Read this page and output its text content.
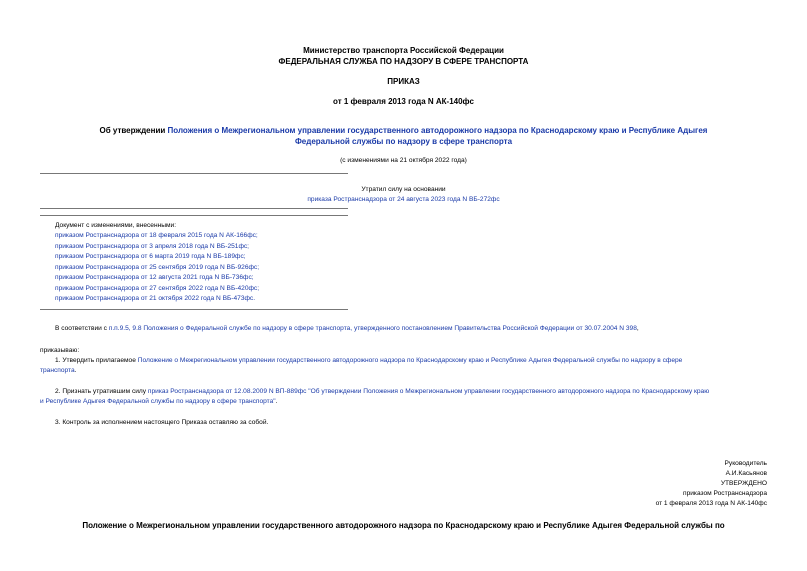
Министерство транспорта Российской Федерации
ФЕДЕРАЛЬНАЯ СЛУЖБА ПО НАДЗОРУ В СФЕРЕ ТРАНСПОРТА
ПРИКАЗ
от 1 февраля 2013 года N АК-140фс
Об утверждении Положения о Межрегиональном управлении государственного автодорожного надзора по Краснодарскому краю и Республике Адыгея
Федеральной службы по надзору в сфере транспорта
(с изменениями на 21 октября 2022 года)
Утратил силу на основании
приказа Ространснадзора от 24 августа 2023 года N ВБ-272фс
Документ с изменениями, внесенными:
приказом Ространснадзора от 18 февраля 2015 года N АК-166фс;
приказом Ространснадзора от 3 апреля 2018 года N ВБ-251фс;
приказом Ространснадзора от 6 марта 2019 года N ВБ-189фс;
приказом Ространснадзора от 25 сентября 2019 года N ВБ-926фс;
приказом Ространснадзора от 12 августа 2021 года N ВБ-736фс;
приказом Ространснадзора от 27 сентября 2022 года N ВБ-420фс;
приказом Ространснадзора от 21 октября 2022 года N ВБ-473фс.
В соответствии с п.п.9.5, 9.8 Положения о Федеральной службе по надзору в сфере транспорта, утвержденного постановлением Правительства Российской Федерации от 30.07.2004 N 398,
приказываю:
1. Утвердить прилагаемое Положение о Межрегиональном управлении государственного автодорожного надзора по Краснодарскому краю и Республике Адыгея Федеральной службы по надзору в сфере
транспорта.
2. Признать утратившим силу приказ Ространснадзора от 12.08.2009 N ВП-889фс "Об утверждении Положения о Межрегиональном управлении государственного автодорожного надзора по Краснодарскому краю
и Республике Адыгея Федеральной службы по надзору в сфере транспорта".
3. Контроль за исполнением настоящего Приказа оставляю за собой.
Руководитель
А.И.Касьянов
УТВЕРЖДЕНО
приказом Ространснадзора
от 1 февраля 2013 года N АК-140фс
Положение о Межрегиональном управлении государственного автодорожного надзора по Краснодарскому краю и Республике Адыгея Федеральной службы по
